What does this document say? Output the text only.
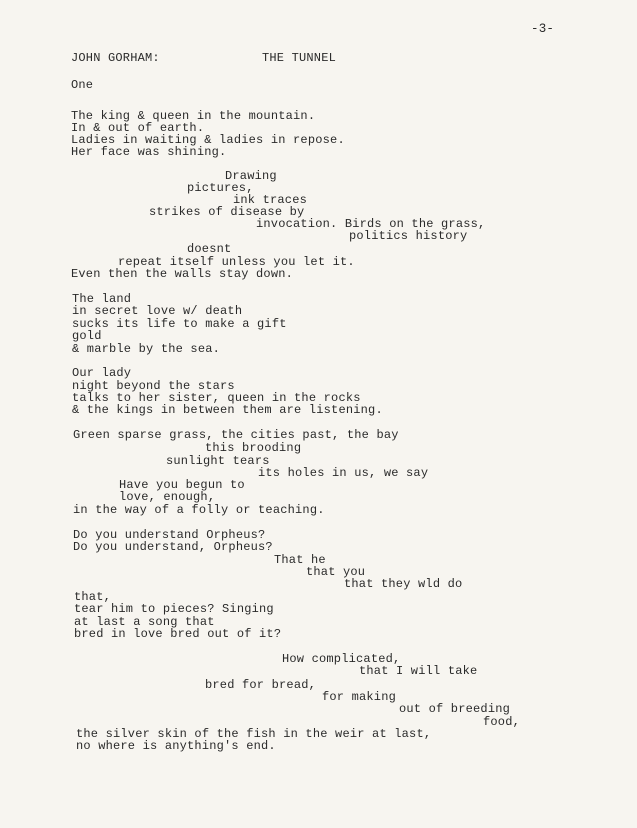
-3-
JOHN GORHAM:	THE TUNNEL
One
The king & queen in the mountain.
In & out of earth.
Ladies in waiting & ladies in repose.
Her face was shining.
Drawing
pictures,
ink traces
strikes of disease by
invocation. Birds on the grass,
politics history
doesnt
repeat itself unless you let it.
Even then the walls stay down.
The land
in secret love w/ death
sucks its life to make a gift
gold
& marble by the sea.
Our lady
night beyond the stars
talks to her sister, queen in the rocks
& the kings in between them are listening.
Green sparse grass, the cities past, the bay
this brooding
sunlight tears
its holes in us, we say
Have you begun to
love, enough,
in the way of a folly or teaching.
Do you understand Orpheus?
Do you understand, Orpheus?
That he
that you
that they wld do
that,
tear him to pieces? Singing
at last a song that
bred in love bred out of it?
How complicated,
that I will take
bred for bread,
for making
out of breeding
food,
the silver skin of the fish in the weir at last,
no where is anything's end.
